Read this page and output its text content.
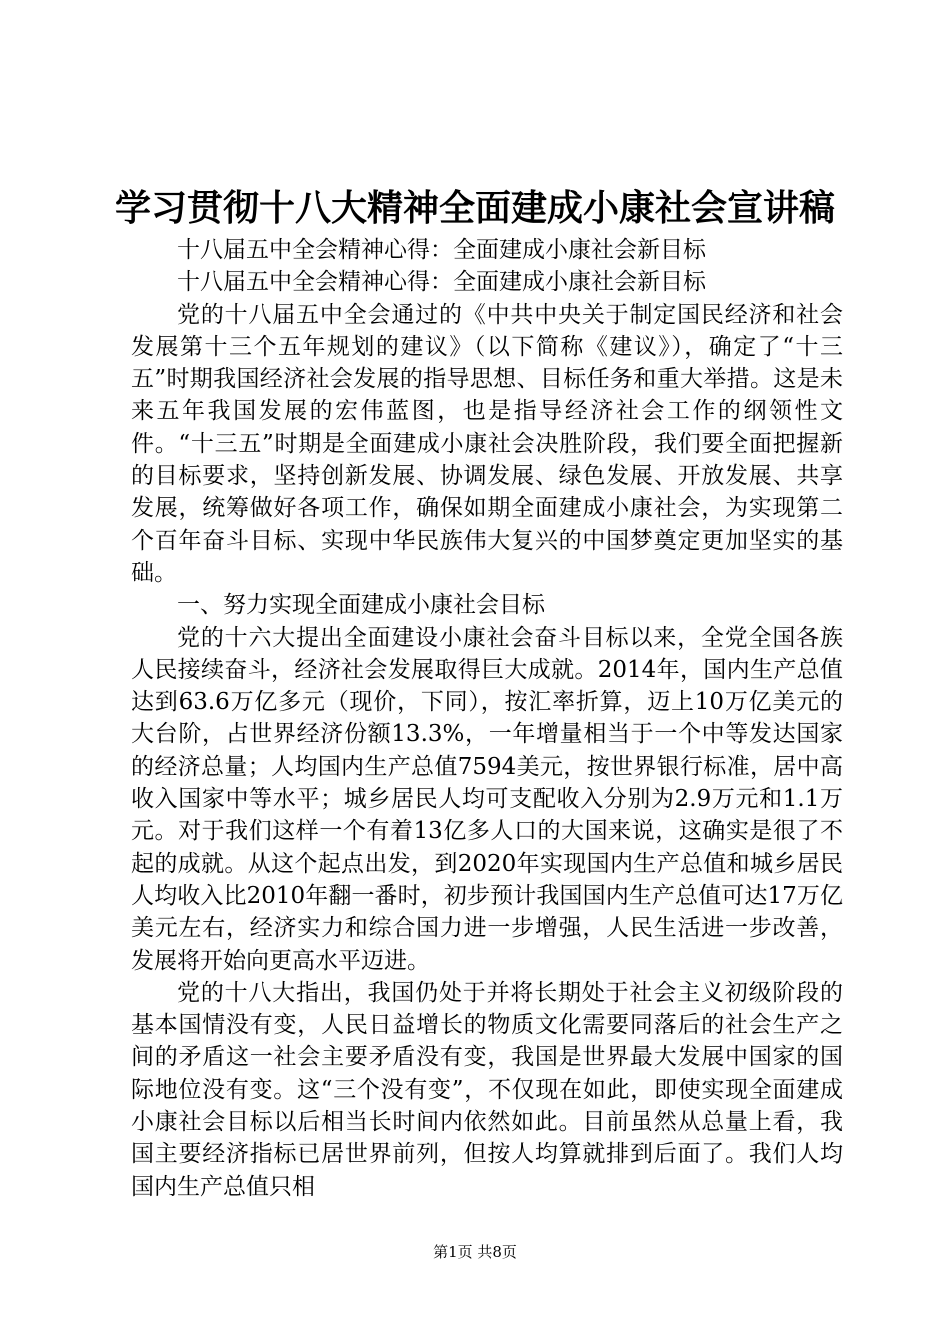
学习贯彻十八大精神全面建成小康社会宣讲稿

十八届五中全会精神心得：全面建成小康社会新目标

十八届五中全会精神心得：全面建成小康社会新目标

党的十八届五中全会通过的《中共中央关于制定国民经济和社会发展第十三个五年规划的建议》（以下简称《建议》），确定了“十三五”时期我国经济社会发展的指导思想、目标任务和重大举措。这是未来五年我国发展的宏伟蓝图，也是指导经济社会工作的纲领性文件。“十三五”时期是全面建成小康社会决胜阶段，我们要全面把握新的目标要求，坚持创新发展、协调发展、绿色发展、开放发展、共享发展，统筹做好各项工作，确保如期全面建成小康社会，为实现第二个百年奋斗目标、实现中华民族伟大复兴的中国梦奠定更加坚实的基础。

一、努力实现全面建成小康社会目标

党的十六大提出全面建设小康社会奋斗目标以来，全党全国各族人民接续奋斗，经济社会发展取得巨大成就。2014年，国内生产总值达到63.6万亿多元（现价，下同），按汇率折算，迈上10万亿美元的大台阶，占世界经济份额13.3%，一年增量相当于一个中等发达国家的经济总量；人均国内生产总值7594美元，按世界银行标准，居中高收入国家中等水平；城乡居民人均可支配收入分别为2.9万元和1.1万元。对于我们这样一个有着13亿多人口的大国来说，这确实是很了不起的成就。从这个起点出发，到2020年实现国内生产总值和城乡居民人均收入比2010年翻一番时，初步预计我国国内生产总值可达17万亿美元左右，经济实力和综合国力进一步增强，人民生活进一步改善，发展将开始向更高水平迈进。

党的十八大指出，我国仍处于并将长期处于社会主义初级阶段的基本国情没有变，人民日益增长的物质文化需要同落后的社会生产之间的矛盾这一社会主要矛盾没有变，我国是世界最大发展中国家的国际地位没有变。这“三个没有变”，不仅现在如此，即使实现全面建成小康社会目标以后相当长时间内依然如此。目前虽然从总量上看，我国主要经济指标已居世界前列，但按人均算就排到后面了。我们人均国内生产总值只相

第1页 共8页
